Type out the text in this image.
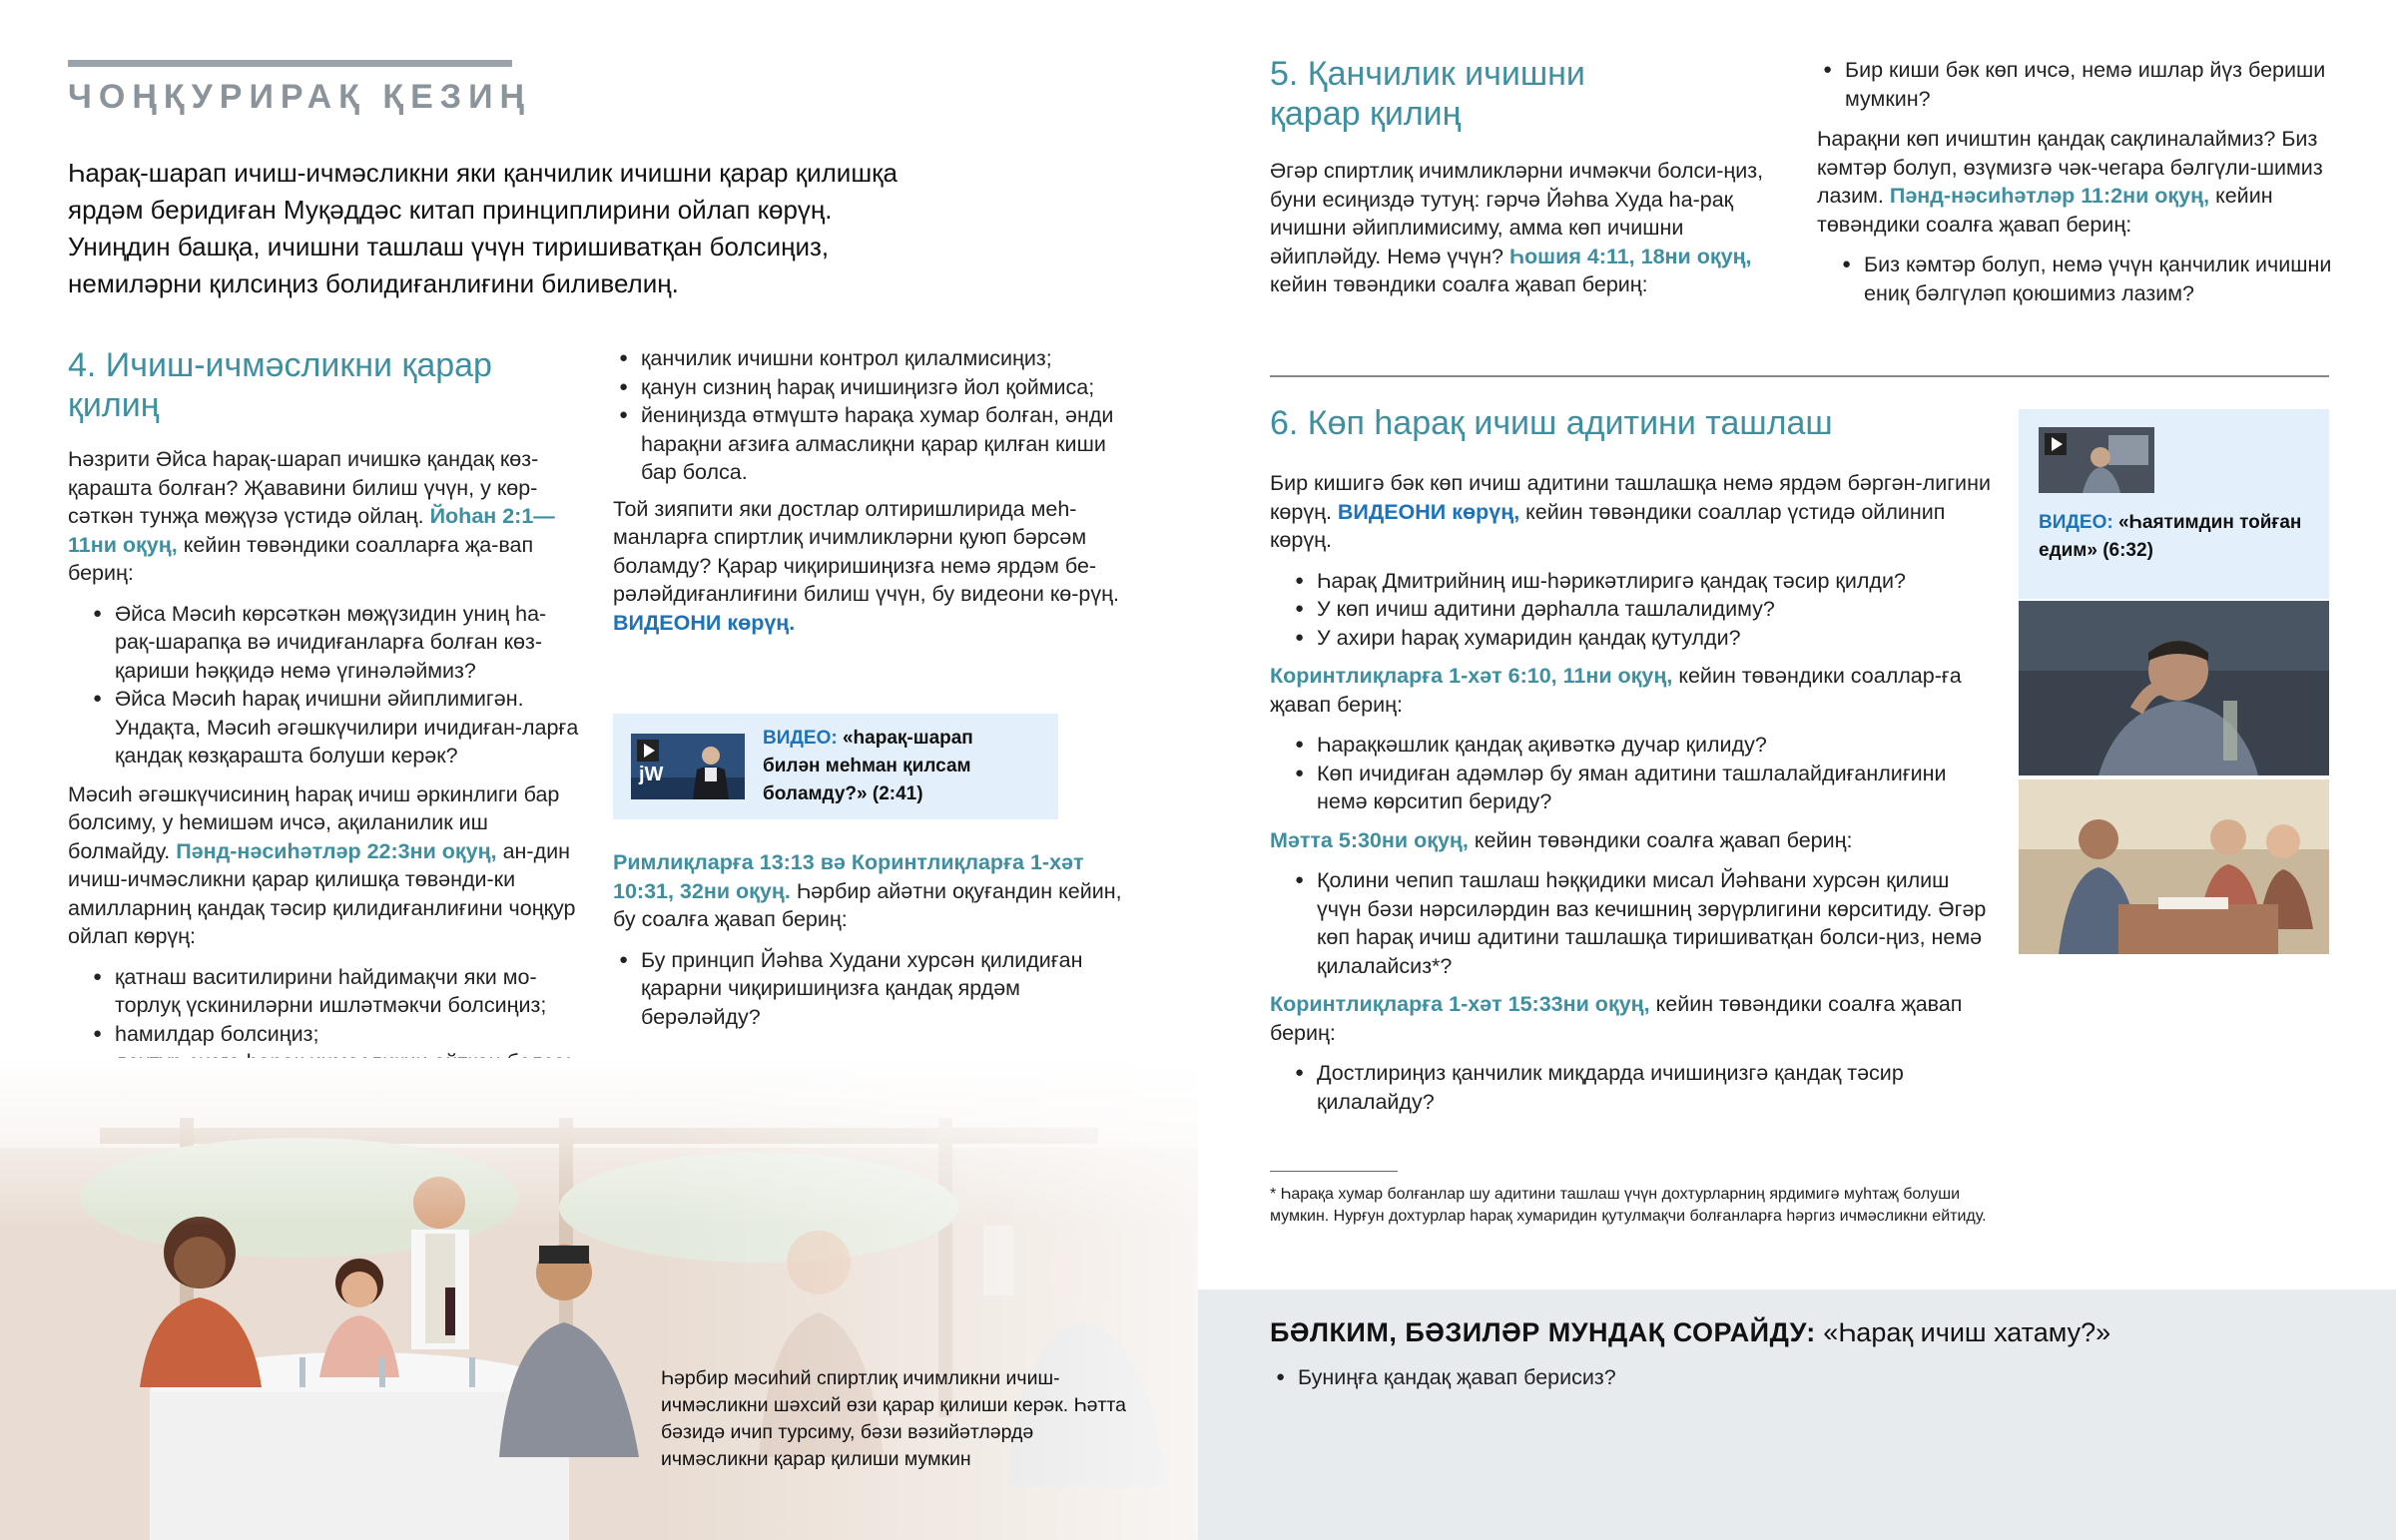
ЧОҢҚУРИРАҚ ҚЕЗИҢ

Һарақ-шарап ичиш-ичмәсликни яки қанчилик ичишни қарар қилишқа

ярдәм беридиған Муқәддәс китап принциплирини ойлап көрүң.

Униңдин башқа, ичишни ташлаш үчүн тиришиватқан болсиңиз,

немиләрни қилсиңиз болидиғанлиғини биливелиң.

4. Ичиш-ичмәсликни қарар
қилиң

Һәзрити Әйса һарақ-шарап ичишкә қандақ көз-қараштa болған? Җававини билиш үчүн, у көр-сәткән тунҗа мөҗүзә үстидә ойлаң. Йоһан 2:1—11ни оқуң, кейин төвәндики соалларға җа-вап бериң:

● Әйса Мәсиһ көрсәткән мөҗүзидин униң һа-рақ-шарапқа вә ичидиғанларға болған көз-қариши һәққидә немә үгинәләймиз?
● Әйса Мәсиһ һарақ ичишни әйиплимигән. Ундақта, Мәсиһ әгәшкүчилири ичидиған-ларға қандақ көзқарашта болуши керәк?

Мәсиһ әгәшкүчисиниң һарақ ичиш әркинлиги бар болсиму, у һемишәм ичсә, ақиланилик иш болмайду. Пәнд-нәсиһәтләр 22:3ни оқуң, ан-дин ичиш-ичмәсликни қарар қилишқа төвәнди-ки амилларниң қандақ тәсир қилидиғанлиғини чоңқур ойлап көрүң:

● қатнаш васитилирини һайдимақчи яки мо-торлуқ үскиниләрни ишләтмәкчи болсиңиз;
● һамилдар болсиңиз;
●
● қанчилик ичишни контрол қилалмисиңиз;
● қанун сизниң һарақ ичишиңизгә йол қоймиса;
● йениңизда өтмүштә һарақа хумар болған, әнди һарақни ағзиға алмаслиқни қарар қилған киши бар болса.

Той зияпити яки достлар олтиришлирида меһ-манларға спиртлиқ ичимликләрни қуюп бәрсәм боламду? Қарар чиқиришиңизға немә ярдәм бе-рәләйдиғанлиғини билиш үчүн, бу видеони кө-рүң. ВИДЕОНИ көрүң.

jW
ВИДЕО: «һарақ-шарап билән меһман қилсам боламду?» (2:41)

Римлиқларға 13:13 вә Коринтлиқларға 1-хәт 10:31, 32ни оқуң. Һәрбир айәтни оқуғандин кейин, бу соалға җавап бериң:

● Бу принцип Йәһва Худани хурсән қилидиған қарарни чиқиришиңизға қандақ ярдәм берәләйду?
Һәрбир мәсиһий спиртлиқ ичимликни ичиш-ичмәсликни шәхсий өзи қарар қилиши керәк. Һәтта бәзидә ичип турсиму, бәзи вәзийәтләрдә ичмәсликни қарар қилиши мумкин
5. Қанчилик ичишни
қарар қилиң

Әгәр спиртлиқ ичимликләрни ичмәкчи болси-ңиз, буни есиңиздә тутуң: гәрчә Йәһва Худа һа-рақ ичишни әйиплимисиму, амма көп ичишни әйипләйду. Немә үчүн? Һошия 4:11, 18ни оқуң, кейин төвәндики соалға җавап бериң:

● Бир киши бәк көп ичсә, немә ишлар йүз бериши мумкин?

Һарақни көп ичиштин қандақ сақлиналаймиз? Биз кәмтәр болуп, өзүмизгә чәк-чегара бәлгүли-шимиз лазим. Пәнд-нәсиһәтләр 11:2ни оқуң, кейин төвәндики соалға җавап бериң:

● Биз кәмтәр болуп, немә үчүн қанчилик ичишни ениқ бәлгүләп қоюшимиз лазим?
6. Көп һарақ ичиш адитини ташлаш

Бир кишигә бәк көп ичиш адитини ташлашқа немә ярдәм бәргән-лигини көрүң. ВИДЕОНИ көрүң, кейин төвәндики соаллар үстидә ойлинип көрүң.

● Һарақ Дмитрийниң иш-һәрикәтлиригә қандақ тәсир қилди?
● У көп ичиш адитини дәрһалла ташлалидиму?
● У ахири һарақ хумаридин қандақ қутулди?

Коринтлиқларға 1-хәт 6:10, 11ни оқуң, кейин төвәндики соаллар-ға җавап бериң:

● Һарақкәшлик қандақ ақивәткә дучар қилиду?
● Көп ичидиған адәмләр бу яман адитини ташлалайдиғанлиғини немә көрситип бериду?

Мәтта 5:30ни оқуң, кейин төвәндики соалға җавап бериң:

● Қолини чепип ташлаш һәққидики мисал Йәһвани хурсән қилиш үчүн бәзи нәрсиләрдин ваз кечишниң зөрүрлигини көрситиду. Әгәр көп һарақ ичиш адитини ташлашқа тиришиватқан болси-ңиз, немә қилалайсиз*?

Коринтлиқларға 1-хәт 15:33ни оқуң, кейин төвәндики соалға җавап бериң:

● Достлириңиз қанчилик миқдарда ичишиңизгә қандақ тәсир қилалайду?
ВИДЕО: «Һаятимдин тойған едим» (6:32)
* Һарақа хумар болғанлар шу адитини ташлаш үчүн дохтурларниң ярдимигә муһтаҗ болуши мумкин. Нурғун дохтурлар һарақ хумаридин қутулмақчи болғанларға һәргиз ичмәсликни ейтиду.
БӘЛКИМ, БӘЗИЛӘР МУНДАҚ СОРАЙДУ: «Һарақ ичиш хатаму?»
● Буниңға қандақ җавап берисиз?
